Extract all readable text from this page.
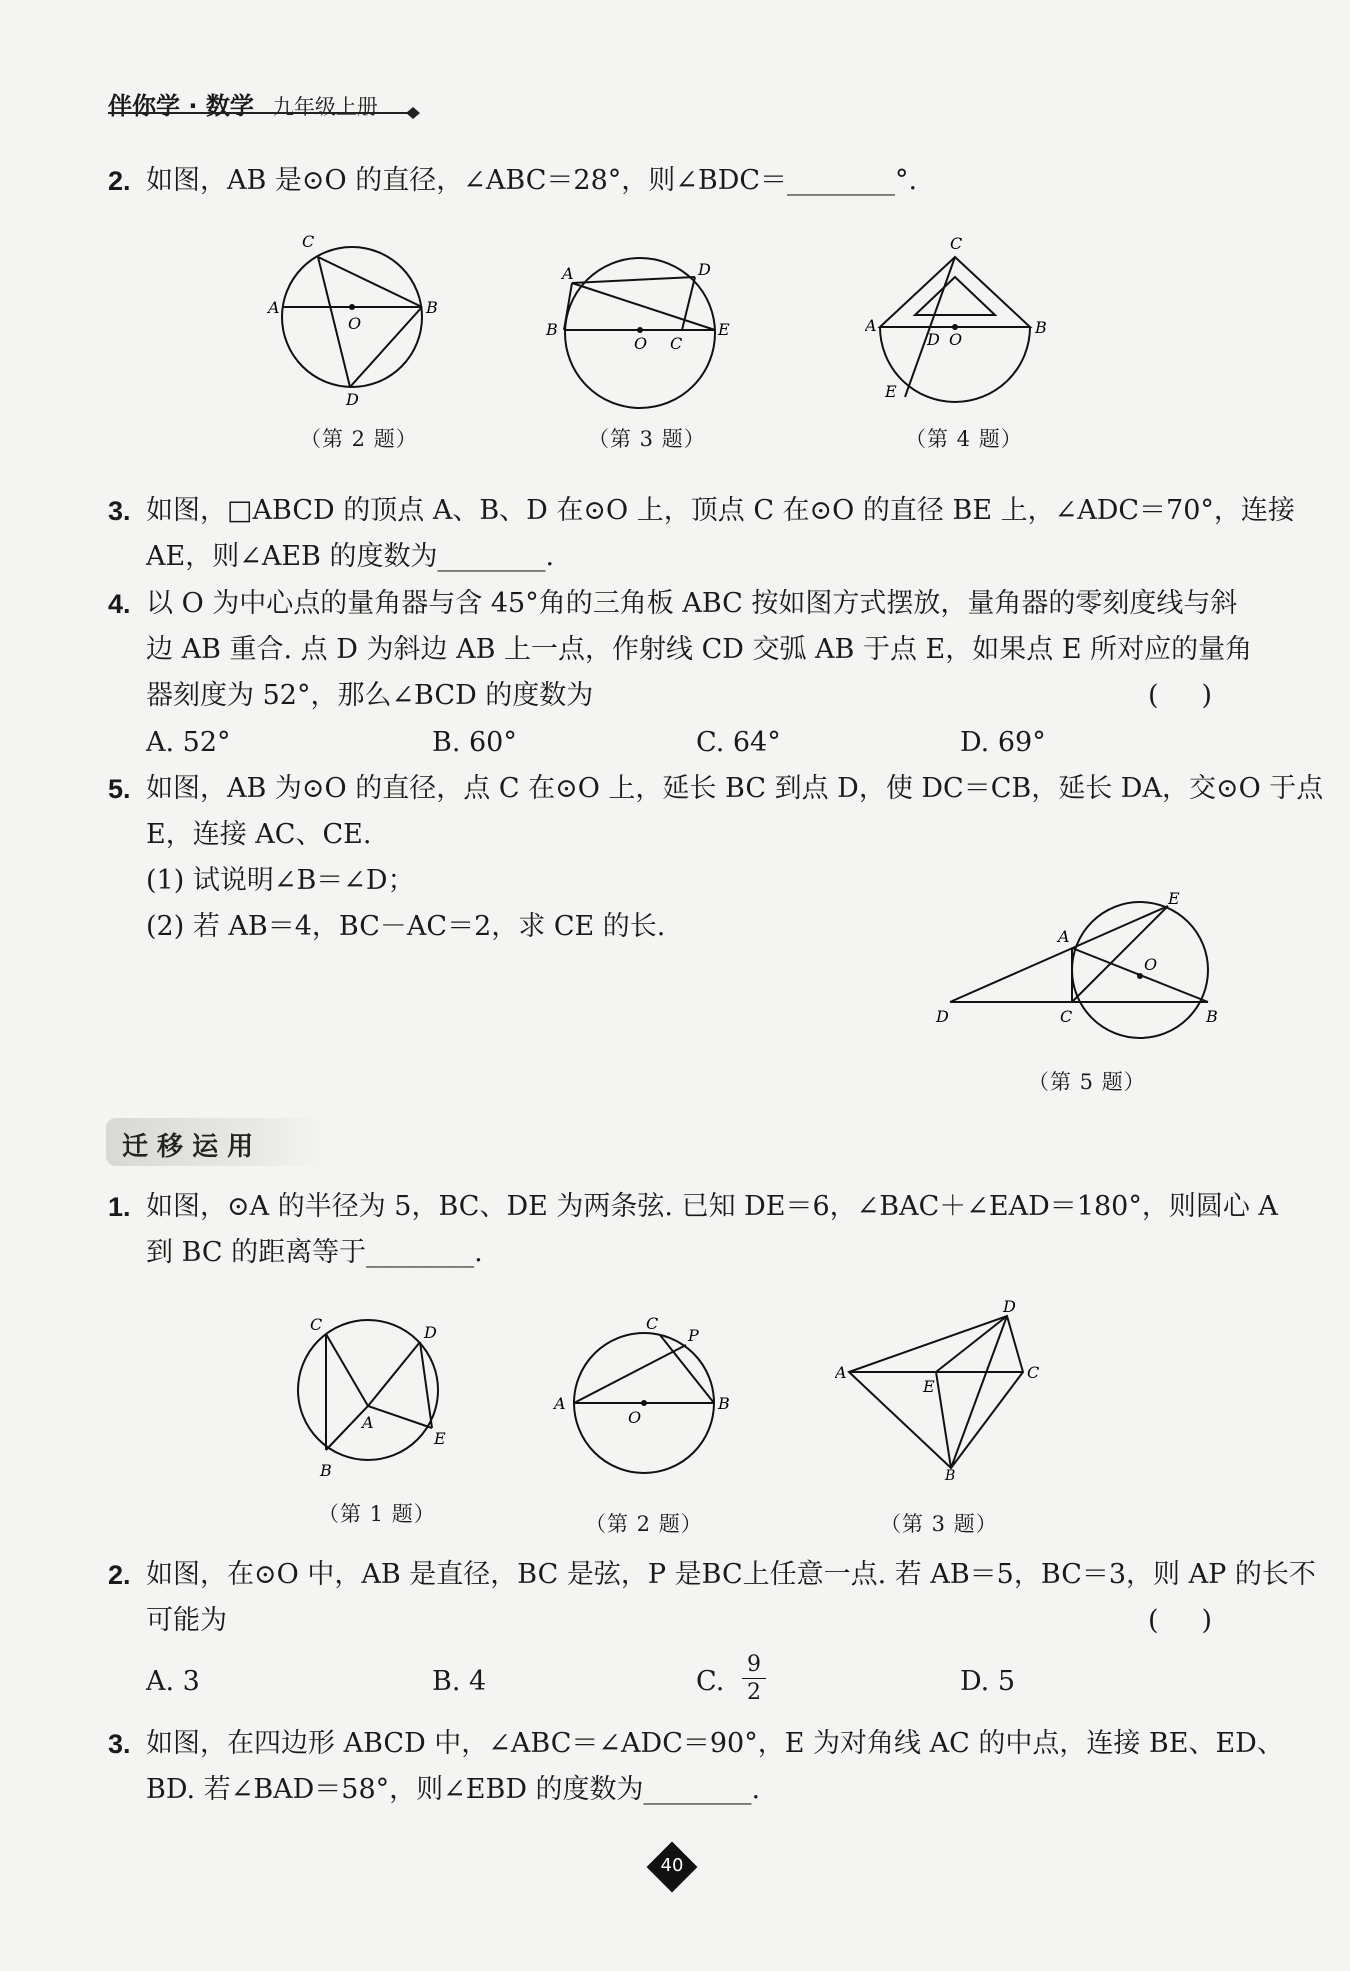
伴你学 · 数学 九年级上册
2. 如图，AB 是⊙O 的直径，∠ABC＝28°，则∠BDC＝________°.
C
A	B
O
D
（第 2 题）
A	D
B
O C
E
（第 3 题）
C
A
D O
B
E
（第 4 题）
3. 如图，□ABCD 的顶点 A、B、D 在⊙O 上，顶点 C 在⊙O 的直径 BE 上，∠ADC＝70°，连接
AE，则∠AEB 的度数为________.
4. 以 O 为中心点的量角器与含 45°角的三角板 ABC 按如图方式摆放，量角器的零刻度线与斜
边 AB 重合. 点 D 为斜边 AB 上一点，作射线 CD 交弧 AB 于点 E，如果点 E 所对应的量角
器刻度为 52°，那么∠BCD 的度数为	(     )
A. 52°	B. 60°	C. 64°	D. 69°
5. 如图，AB 为⊙O 的直径，点 C 在⊙O 上，延长 BC 到点 D，使 DC＝CB，延长 DA，交⊙O 于点
E，连接 AC、CE.
(1) 试说明∠B＝∠D；
(2) 若 AB＝4，BC－AC＝2，求 CE 的长.
E
A
O
D	C	B
（第 5 题）
迁 移 运 用
1. 如图，⊙A 的半径为 5，BC、DE 为两条弦. 已知 DE＝6，∠BAC＋∠EAD＝180°，则圆心 A
到 BC 的距离等于________.
C	D
A
E
B
（第 1 题）
C
P
A
O
B
（第 2 题）
D
A
E
C
B
（第 3 题）
2. 如图，在⊙O 中，AB 是直径，BC 是弦，P 是BC上任意一点. 若 AB＝5，BC＝3，则 AP 的长不
可能为	(     )
A. 3	B. 4	C.
9
2	D. 5
3. 如图，在四边形 ABCD 中，∠ABC＝∠ADC＝90°，E 为对角线 AC 的中点，连接 BE、ED、
BD. 若∠BAD＝58°，则∠EBD 的度数为________.
40
